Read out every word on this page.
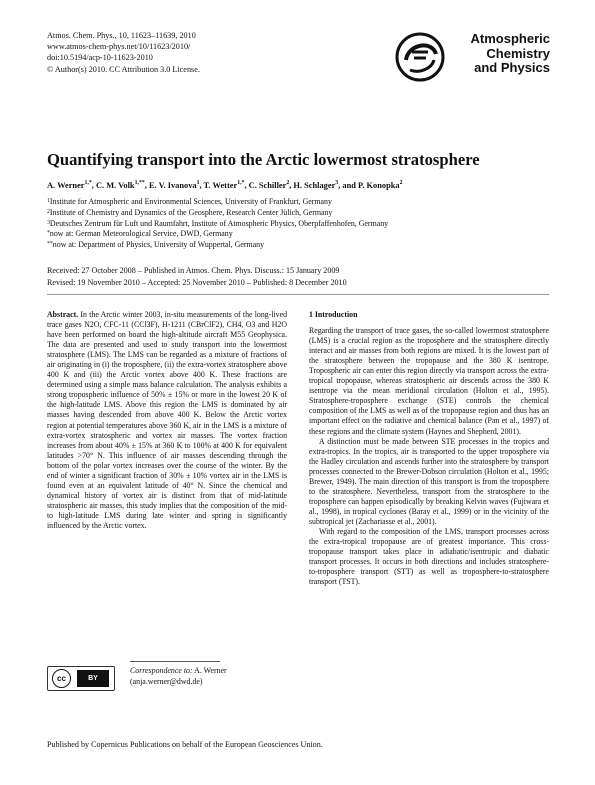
Atmos. Chem. Phys., 10, 11623–11639, 2010
www.atmos-chem-phys.net/10/11623/2010/
doi:10.5194/acp-10-11623-2010
© Author(s) 2010. CC Attribution 3.0 License.
Atmospheric
Chemistry
and Physics
Quantifying transport into the Arctic lowermost stratosphere
A. Werner$^{1,*}$, C. M. Volk$^{1,**}$, E. V. Ivanova$^1$, T. Wetter$^{1,*}$, C. Schiller$^2$, H. Schlager$^3$, and P. Konopka$^2$
$^1$Institute for Atmospheric and Environmental Sciences, University of Frankfurt, Germany
$^2$Institute of Chemistry and Dynamics of the Geosphere, Research Center Jülich, Germany
$^3$Deutsches Zentrum für Luft und Raumfahrt, Institute of Atmospheric Physics, Oberpfaffenhofen, Germany
*now at: German Meteorological Service, DWD, Germany
**now at: Department of Physics, University of Wuppertal, Germany
Received: 27 October 2008 – Published in Atmos. Chem. Phys. Discuss.: 15 January 2009
Revised: 19 November 2010 – Accepted: 25 November 2010 – Published: 8 December 2010

Abstract. In the Arctic winter 2003, in-situ measurements of the long-lived trace gases N2O, CFC-11 (CCl3F), H-1211 (CBrClF2), CH4, O3 and H2O have been performed on board the high-altitude aircraft M55 Geophysica. The data are presented and used to study transport into the lowermost stratosphere (LMS). The LMS can be regarded as a mixture of fractions of air originating in (i) the troposphere, (ii) the extra-vortex stratosphere above 400 K and (iii) the Arctic vortex above 400 K. These fractions are determined using a simple mass balance calculation. The analysis exhibits a strong tropospheric influence of 50% ± 15% or more in the lowest 20 K of the high-latitude LMS. Above this region the LMS is dominated by air masses having descended from above 400 K. Below the Arctic vortex region at potential temperatures above 360 K, air in the LMS is a mixture of extra-vortex stratospheric and vortex air masses. The vortex fraction increases from about 40% ± 15% at 360 K to 100% at 400 K for equivalent latitudes >70° N. This influence of air masses descending through the bottom of the polar vortex increases over the course of the winter. By the end of winter a significant fraction of 30% ± 10% vortex air in the LMS is found even at an equivalent latitude of 40° N. Since the chemical and dynamical history of vortex air is distinct from that of mid-latitude stratospheric air masses, this study implies that the composition of the mid- to high-latitude LMS during late winter and spring is significantly influenced by the Arctic vortex.

cc	BY
Correspondence to: A. Werner
(anja.werner@dwd.de)

1 Introduction

Regarding the transport of trace gases, the so-called lowermost stratosphere (LMS) is a crucial region as the troposphere and the stratosphere directly interact and air masses from both regions are mixed. It is the lowest part of the stratosphere between the tropopause and the 380 K isentrope. Tropospheric air can enter this region directly via transport across the extra-tropical tropopause, whereas stratospheric air descends across the 380 K isentrope via the mean meridional circulation (Holton et al., 1995). Stratosphere-troposphere exchange (STE) controls the chemical composition of the LMS as well as of the tropopause region and thus has an important effect on the radiative and chemical balance (Pan et al., 1997) of these regions and the climate system (Haynes and Shepherd, 2001).

A distinction must be made between STE processes in the tropics and extra-tropics. In the tropics, air is transported to the upper troposphere via the Hadley circulation and ascends further into the stratosphere by transport processes connected to the Brewer-Dobson circulation (Holton et al., 1995; Brewer, 1949). The main direction of this transport is from the troposphere to the stratosphere. Nevertheless, transport from the stratosphere to the troposphere can happen episodically by breaking Kelvin waves (Fujiwara et al., 1998), in tropical cyclones (Baray et al., 1999) or in the vicinity of the subtropical jet (Zachariasse et al., 2001).

With regard to the composition of the LMS, transport processes across the extra-tropical tropopause are of greatest importance. This cross-tropopause transport takes place in adiabatic/isentropic and diabatic transport processes. It occurs in both directions and includes stratosphere-to-troposphere transport (STT) as well as troposphere-to-stratosphere transport (TST).

Published by Copernicus Publications on behalf of the European Geosciences Union.
